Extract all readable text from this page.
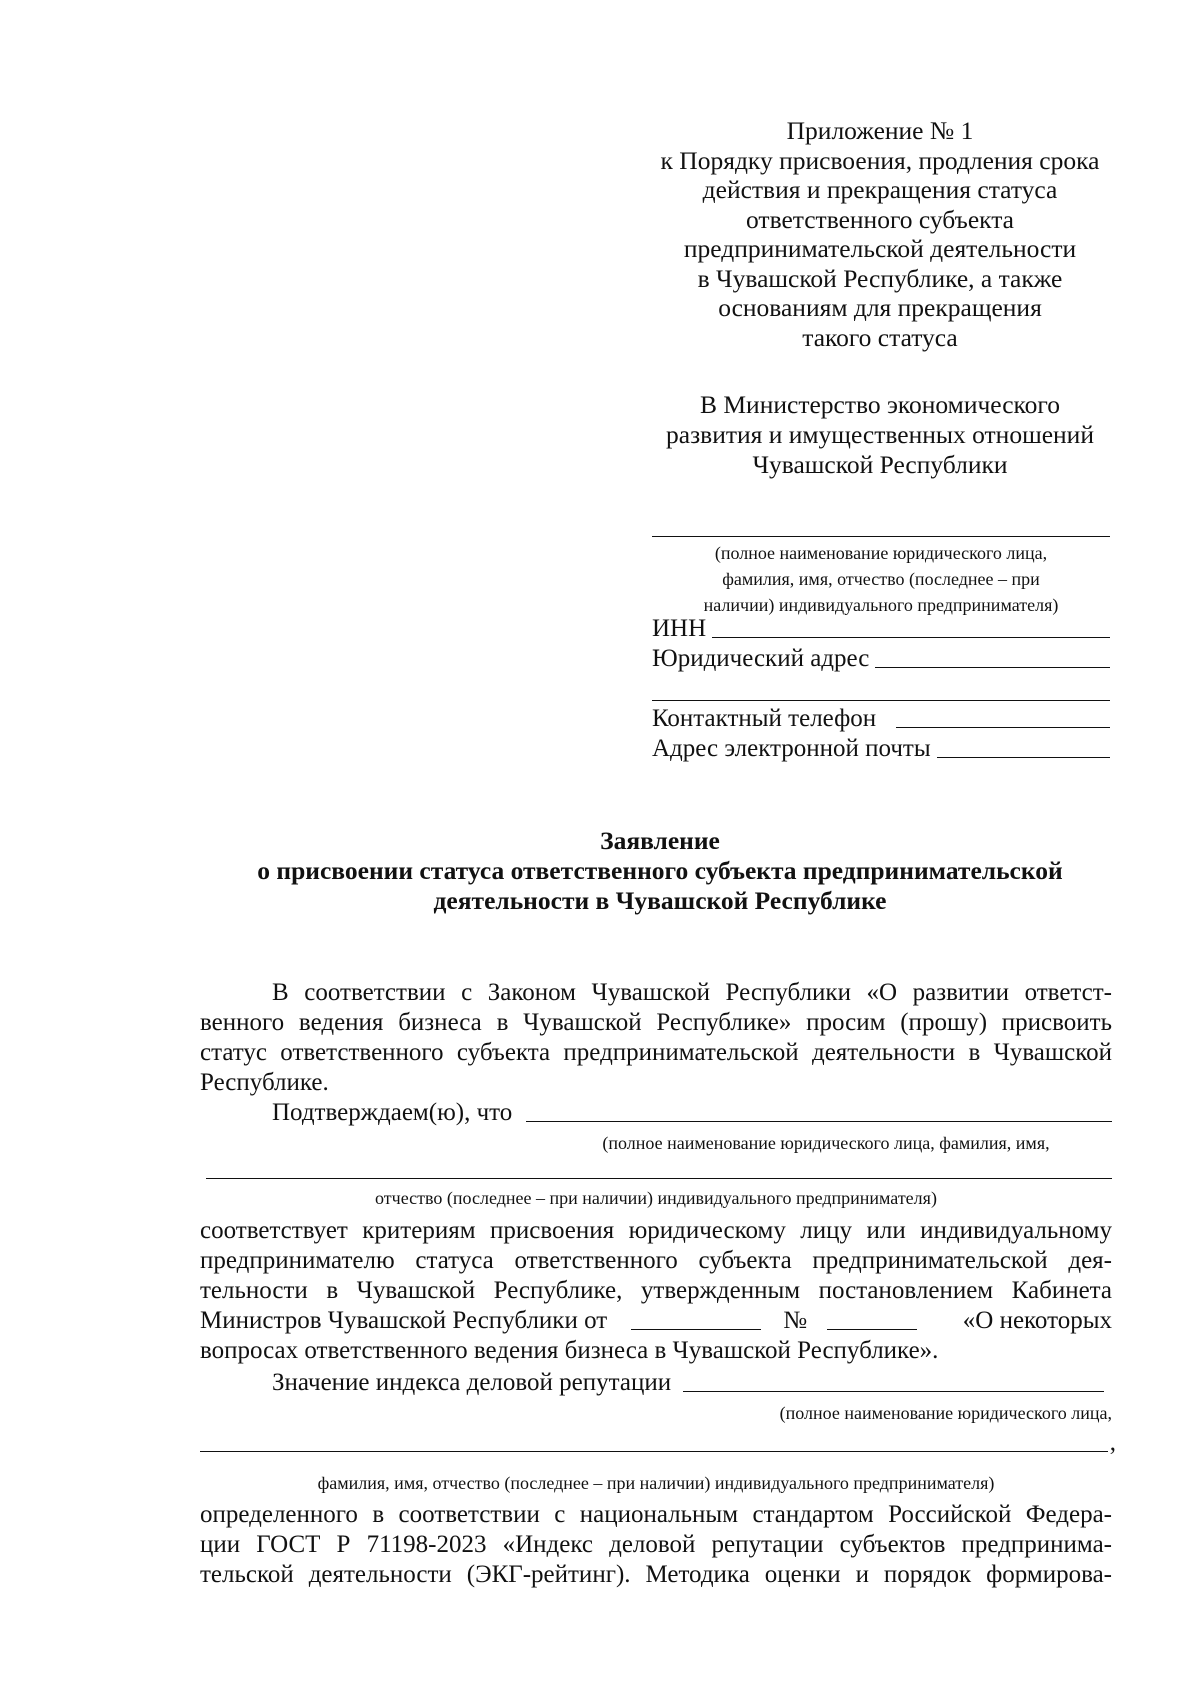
Приложение № 1
к Порядку присвоения, продления срока
действия и прекращения статуса
ответственного субъекта
предпринимательской деятельности
в Чувашской Республике, а также
основаниям для прекращения
такого статуса
В Министерство экономического
развития и имущественных отношений
Чувашской Республики
(полное наименование юридического лица,
фамилия, имя, отчество (последнее – при
наличии) индивидуального предпринимателя)
ИНН
Юридический адрес
Контактный телефон
Адрес электронной почты
Заявление
о присвоении статуса ответственного субъекта предпринимательской
деятельности в Чувашской Республике
В соответствии с Законом Чувашской Республики «О развитии ответст-
венного ведения бизнеса в Чувашской Республике» просим (прошу) присвоить
статус ответственного субъекта предпринимательской деятельности в Чувашской
Республике.
Подтверждаем(ю), что
(полное наименование юридического лица, фамилия, имя,
отчество (последнее – при наличии) индивидуального предпринимателя)
соответствует критериям присвоения юридическому лицу или индивидуальному
предпринимателю статуса ответственного субъекта предпринимательской дея-
тельности в Чувашской Республике, утвержденным постановлением Кабинета
Министров Чувашской Республики от	№	«О некоторых
вопросах ответственного ведения бизнеса в Чувашской Республике».
Значение индекса деловой репутации
(полное наименование юридического лица,
,
фамилия, имя, отчество (последнее – при наличии) индивидуального предпринимателя)
определенного в соответствии с национальным стандартом Российской Федера-
ции ГОСТ Р 71198-2023 «Индекс деловой репутации субъектов предпринима-
тельской деятельности (ЭКГ-рейтинг). Методика оценки и порядок формирова-
